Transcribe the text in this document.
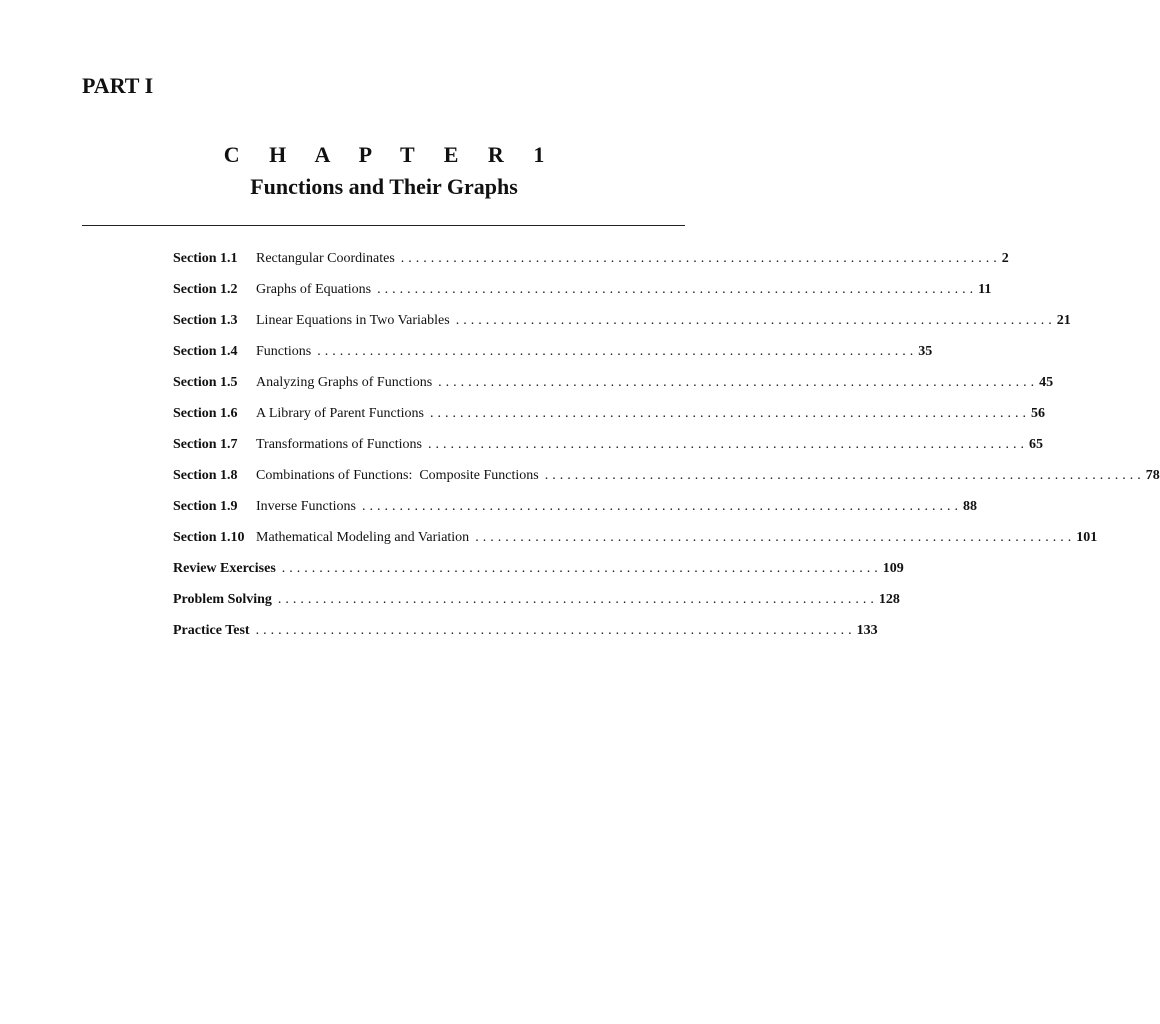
PART I
C H A P T E R 1
Functions and Their Graphs
Section 1.1	Rectangular Coordinates ................................................................................ 2
Section 1.2	Graphs of Equations ................................................................................ 11
Section 1.3	Linear Equations in Two Variables ................................................................................ 21
Section 1.4	Functions ................................................................................ 35
Section 1.5	Analyzing Graphs of Functions ................................................................................ 45
Section 1.6	A Library of Parent Functions ................................................................................ 56
Section 1.7	Transformations of Functions ................................................................................ 65
Section 1.8	Combinations of Functions:  Composite Functions ................................................................................ 78
Section 1.9	Inverse Functions ................................................................................ 88
Section 1.10 Mathematical Modeling and Variation ................................................................................ 101
Review Exercises ................................................................................ 109
Problem Solving ................................................................................ 128
Practice Test ................................................................................ 133
